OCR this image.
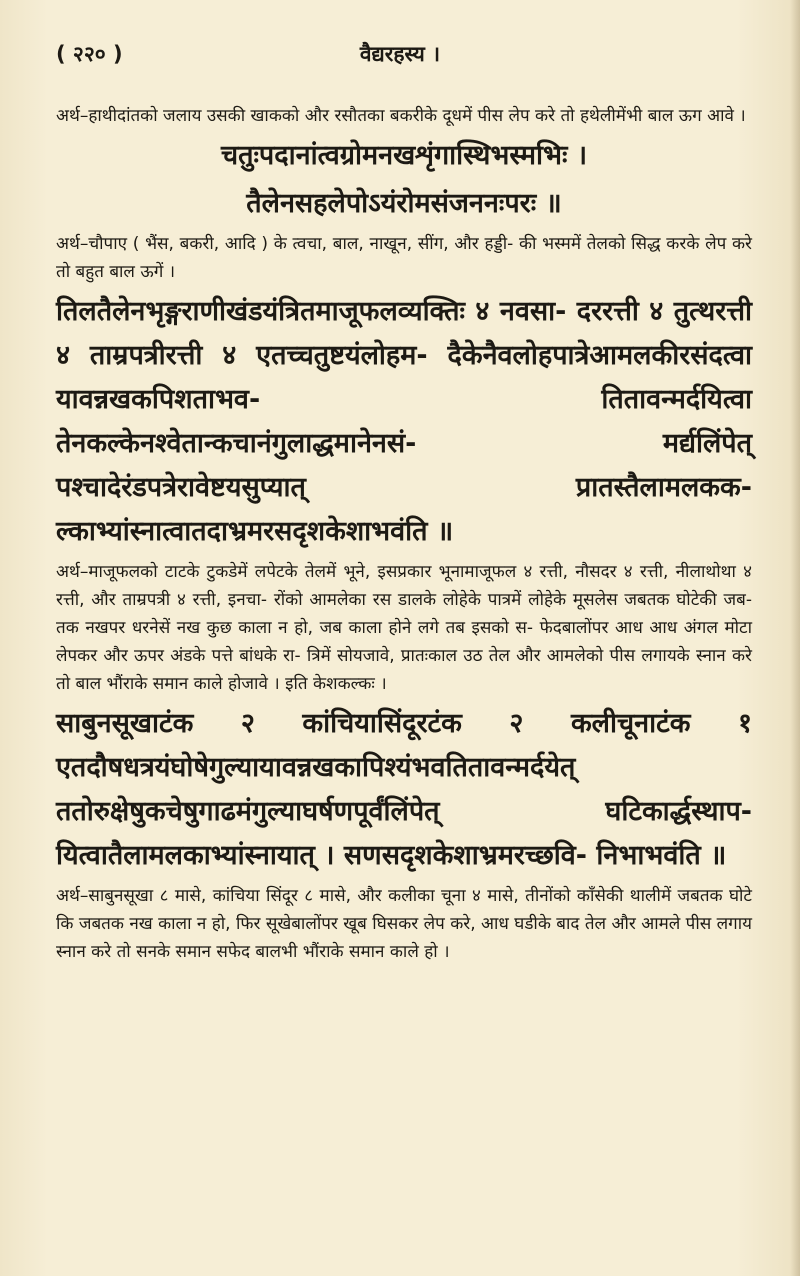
( २२० )	वैद्यरहस्य ।

अर्थ–हाथीदांतको जलाय उसकी खाकको और रसौतका बकरीके दूधमें पीस लेप करे तो हथेलीमेंभी बाल ऊग आवे ।

चतुःपदानांत्वग्रोमनखशृंगास्थिभस्मभिः ।

तैलेनसहलेपोऽयंरोमसंजननःपरः ॥

अर्थ–चौपाए ( भैंस, बकरी, आदि ) के त्वचा, बाल, नाखून, सींग, और हड्डी- की भस्ममें तेलको सिद्ध करके लेप करे तो बहुत बाल ऊगें ।

तिलतैलेनभृङ्गराणीखंडयंत्रितमाजूफलव्यक्तिः ४ नवसा- दररत्ती ४ तुत्थरत्ती ४ ताम्रपत्रीरत्ती ४ एतच्चतुष्टयंलोहम- दैकेनैवलोहपात्रेआमलकीरसंदत्वा यावन्नखकपिशताभव- तितावन्मर्दयित्वा तेनकल्केनश्वेतान्कचानंगुलाद्धमानेनसं- मर्द्यलिंपेत् पश्चादेरंडपत्रेरावेष्टयसुप्यात् प्रातस्तैलामलकक- ल्काभ्यांस्नात्वातदाभ्रमरसदृशकेशाभवंति ॥

अर्थ–माजूफलको टाटके टुकडेमें लपेटके तेलमें भूने, इसप्रकार भूनामाजूफल ४ रत्ती, नौसदर ४ रत्ती, नीलाथोथा ४ रत्ती, और ताम्रपत्री ४ रत्ती, इनचा- रोंको आमलेका रस डालके लोहेके पात्रमें लोहेके मूसलेस जबतक घोटेकी जब- तक नखपर धरनेसें नख कुछ काला न हो, जब काला होने लगे तब इसको स- फेदबालोंपर आध आध अंगल मोटा लेपकर और ऊपर अंडके पत्ते बांधके रा- त्रिमें सोयजावे, प्रातःकाल उठ तेल और आमलेको पीस लगायके स्नान करे तो बाल भौंराके समान काले होजावे । इति केशकल्कः ।

साबुनसूखाटंक २ कांचियासिंदूरटंक २ कलीचूनाटंक १ एतदौषधत्रयंघोषेगुल्यायावन्नखकापिश्यंभवतितावन्मर्दयेत् ततोरुक्षेषुकचेषुगाढमंगुल्याघर्षणपूर्वंलिंपेत् घटिकार्द्धस्थाप- यित्वातैलामलकाभ्यांस्नायात् । सणसदृशकेशाभ्रमरच्छवि- निभाभवंति ॥

अर्थ–साबुनसूखा ८ मासे, कांचिया सिंदूर ८ मासे, और कलीका चूना ४ मासे, तीनोंको काँसेकी थालीमें जबतक घोटे कि जबतक नख काला न हो, फिर सूखेबालोंपर खूब घिसकर लेप करे, आध घडीके बाद तेल और आमले पीस लगाय स्नान करे तो सनके समान सफेद बालभी भौंराके समान काले हो ।
